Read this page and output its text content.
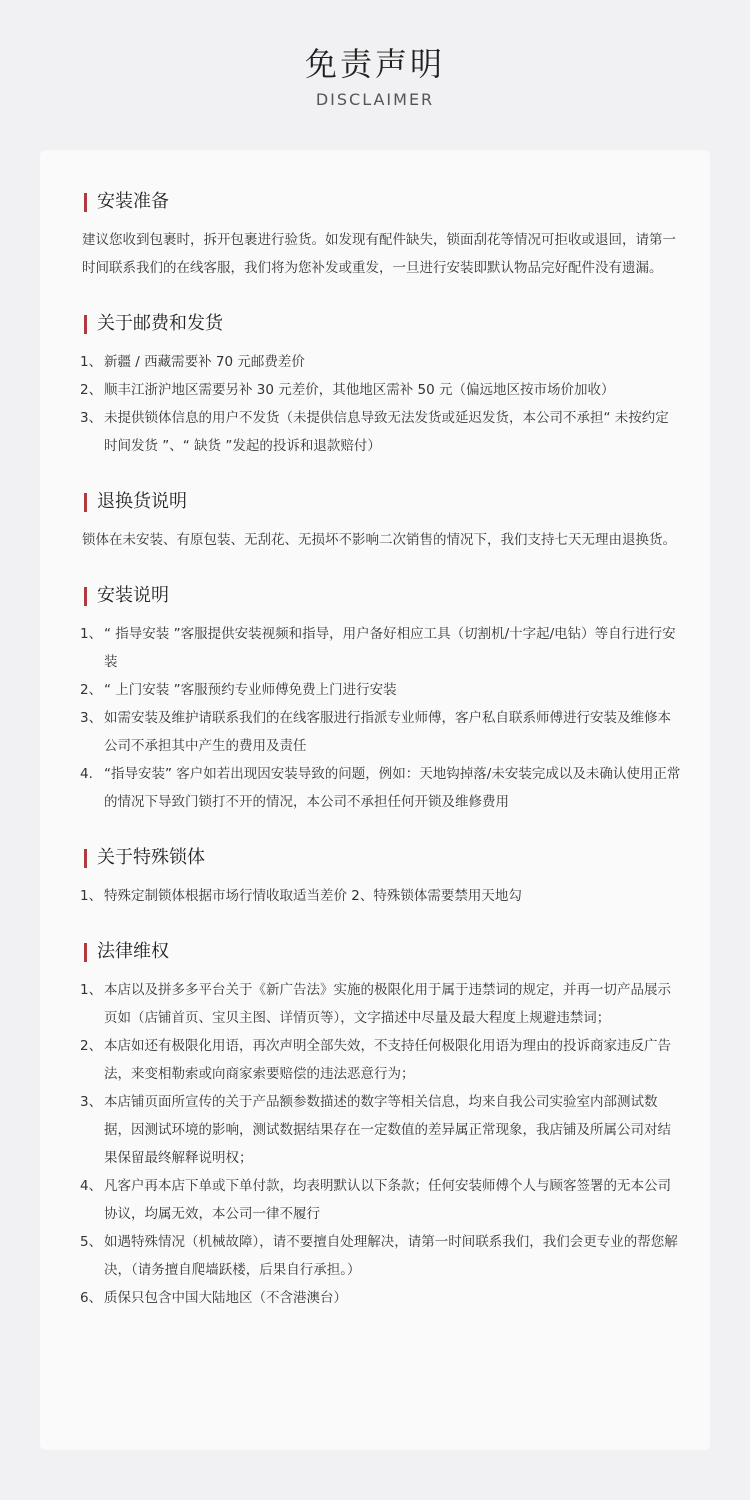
免责声明
DISCLAIMER
安装准备
建议您收到包裹时，拆开包裹进行验货。如发现有配件缺失，锁面刮花等情况可拒收或退回，请第一时间联系我们的在线客服，我们将为您补发或重发，一旦进行安装即默认物品完好配件没有遗漏。
关于邮费和发货
1、 新疆 / 西藏需要补 70 元邮费差价
2、 顺丰江浙沪地区需要另补 30 元差价，其他地区需补 50 元（偏远地区按市场价加收）
3、 未提供锁体信息的用户不发货（未提供信息导致无法发货或延迟发货，本公司不承担“ 未按约定时间发货 ”、“ 缺货 ”发起的投诉和退款赔付）
退换货说明
锁体在未安装、有原包装、无刮花、无损坏不影响二次销售的情况下，我们支持七天无理由退换货。
安装说明
1、 “ 指导安装 ”客服提供安装视频和指导，用户备好相应工具（切割机/十字起/电钻）等自行进行安装
2、 “ 上门安装 ”客服预约专业师傅免费上门进行安装
3、 如需安装及维护请联系我们的在线客服进行指派专业师傅，客户私自联系师傅进行安装及维修本公司不承担其中产生的费用及责任
4. “指导安装” 客户如若出现因安装导致的问题，例如：天地钩掉落/未安装完成以及未确认使用正常的情况下导致门锁打不开的情况，本公司不承担任何开锁及维修费用
关于特殊锁体
1、 特殊定制锁体根据市场行情收取适当差价 2、特殊锁体需要禁用天地勾
法律维权
1、 本店以及拼多多平台关于《新广告法》实施的极限化用于属于违禁词的规定，并再一切产品展示页如（店铺首页、宝贝主图、详情页等），文字描述中尽量及最大程度上规避违禁词；
2、 本店如还有极限化用语，再次声明全部失效，不支持任何极限化用语为理由的投诉商家违反广告法，来变相勒索或向商家索要赔偿的违法恶意行为；
3、 本店铺页面所宣传的关于产品额参数描述的数字等相关信息，均来自我公司实验室内部测试数据，因测试环境的影响，测试数据结果存在一定数值的差异属正常现象，我店铺及所属公司对结果保留最终解释说明权；
4、 凡客户再本店下单或下单付款，均表明默认以下条款；任何安装师傅个人与顾客签署的无本公司协议，均属无效，本公司一律不履行
5、 如遇特殊情况（机械故障），请不要擅自处理解决，请第一时间联系我们，我们会更专业的帮您解决，（请务擅自爬墙跃楼，后果自行承担。）
6、 质保只包含中国大陆地区（不含港澳台）
